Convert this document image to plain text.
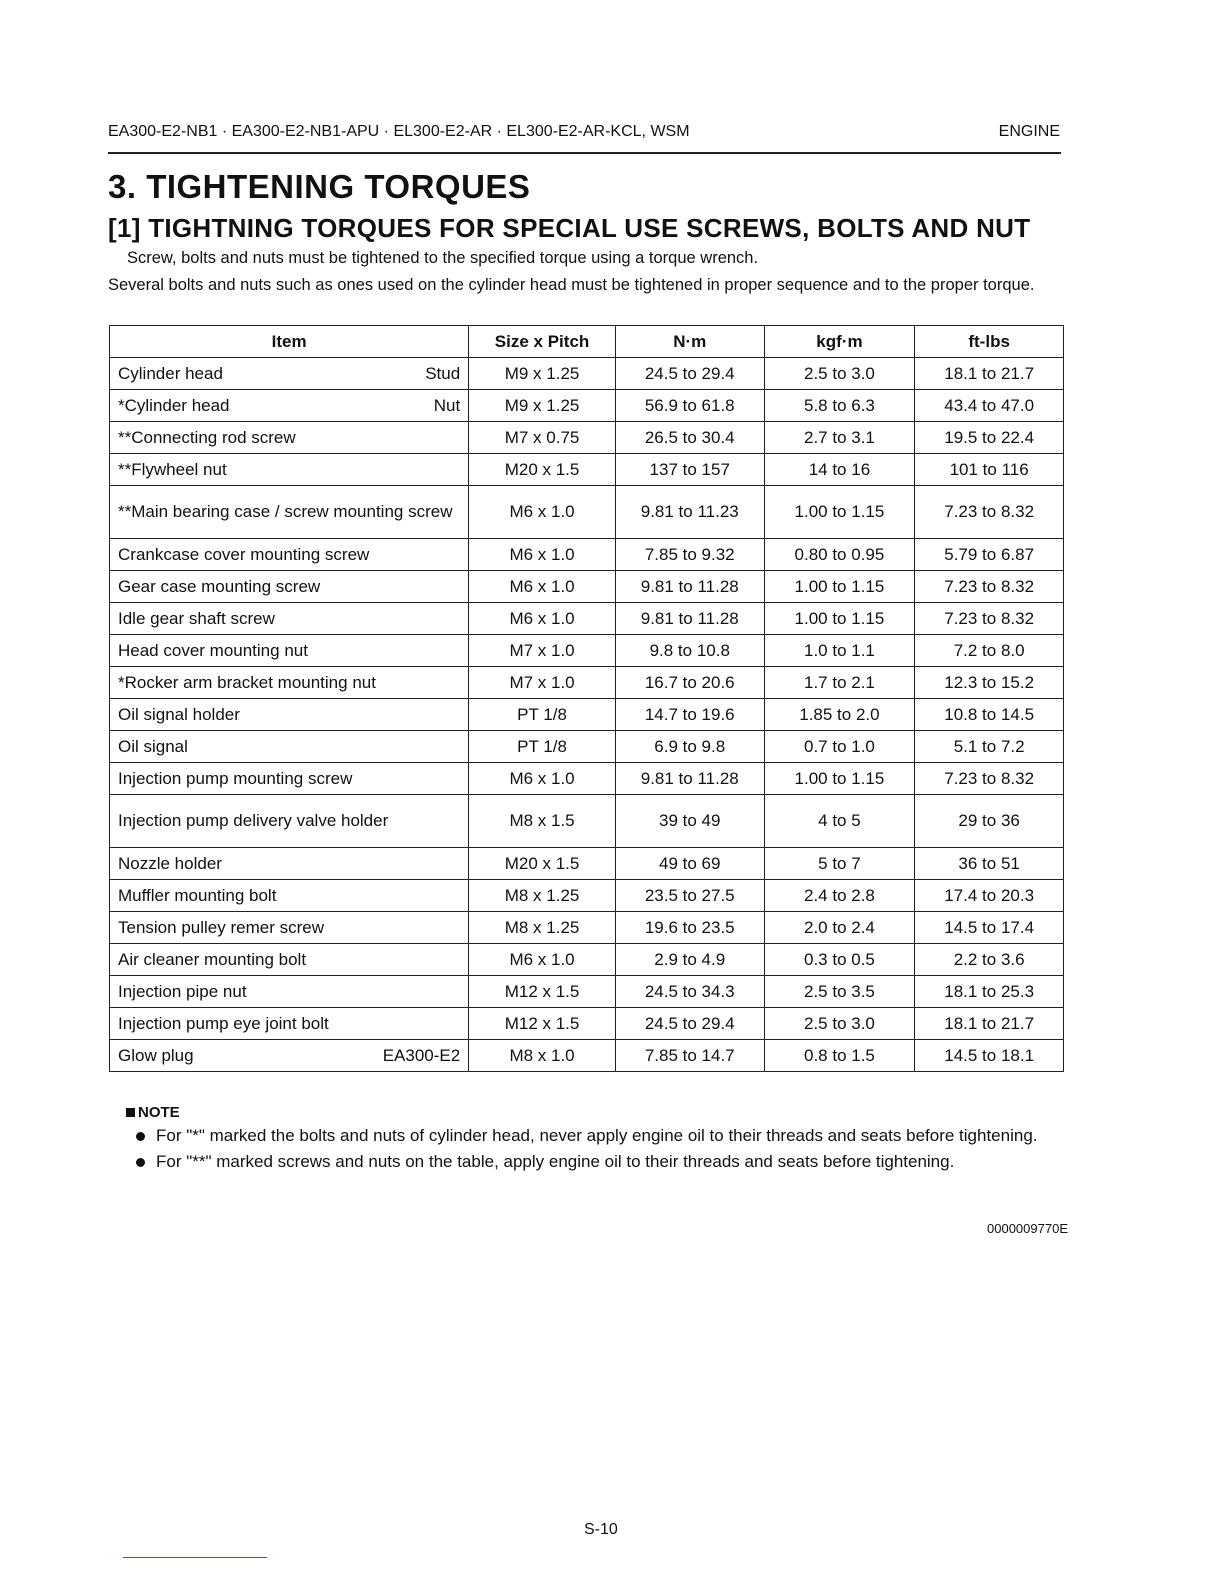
EA300-E2-NB1 · EA300-E2-NB1-APU · EL300-E2-AR · EL300-E2-AR-KCL, WSM	ENGINE
3. TIGHTENING TORQUES
[1] TIGHTNING TORQUES FOR SPECIAL USE SCREWS, BOLTS AND NUT
Screw, bolts and nuts must be tightened to the specified torque using a torque wrench.
Several bolts and nuts such as ones used on the cylinder head must be tightened in proper sequence and to the proper torque.
Item	Size x Pitch	N·m	kgf·m	ft-lbs

Cylinder head Stud	M9 x 1.25	24.5 to 29.4	2.5 to 3.0	18.1 to 21.7

*Cylinder head Nut	M9 x 1.25	56.9 to 61.8	5.8 to 6.3	43.4 to 47.0

**Connecting rod screw	M7 x 0.75	26.5 to 30.4	2.7 to 3.1	19.5 to 22.4

**Flywheel nut	M20 x 1.5	137 to 157	14 to 16	101 to 116

**Main bearing case / screw mounting screw	M6 x 1.0	9.81 to 11.23	1.00 to 1.15	7.23 to 8.32

Crankcase cover mounting screw	M6 x 1.0	7.85 to 9.32	0.80 to 0.95	5.79 to 6.87

Gear case mounting screw	M6 x 1.0	9.81 to 11.28	1.00 to 1.15	7.23 to 8.32

Idle gear shaft screw	M6 x 1.0	9.81 to 11.28	1.00 to 1.15	7.23 to 8.32

Head cover mounting nut	M7 x 1.0	9.8 to 10.8	1.0 to 1.1	7.2 to 8.0

*Rocker arm bracket mounting nut	M7 x 1.0	16.7 to 20.6	1.7 to 2.1	12.3 to 15.2

Oil signal holder	PT 1/8	14.7 to 19.6	1.85 to 2.0	10.8 to 14.5

Oil signal	PT 1/8	6.9 to 9.8	0.7 to 1.0	5.1 to 7.2

Injection pump mounting screw	M6 x 1.0	9.81 to 11.28	1.00 to 1.15	7.23 to 8.32

Injection pump delivery valve holder	M8 x 1.5	39 to 49	4 to 5	29 to 36

Nozzle holder	M20 x 1.5	49 to 69	5 to 7	36 to 51

Muffler mounting bolt	M8 x 1.25	23.5 to 27.5	2.4 to 2.8	17.4 to 20.3

Tension pulley remer screw	M8 x 1.25	19.6 to 23.5	2.0 to 2.4	14.5 to 17.4

Air cleaner mounting bolt	M6 x 1.0	2.9 to 4.9	0.3 to 0.5	2.2 to 3.6

Injection pipe nut	M12 x 1.5	24.5 to 34.3	2.5 to 3.5	18.1 to 25.3

Injection pump eye joint bolt	M12 x 1.5	24.5 to 29.4	2.5 to 3.0	18.1 to 21.7

Glow plug EA300-E2	M8 x 1.0	7.85 to 14.7	0.8 to 1.5	14.5 to 18.1
NOTE
For "*" marked the bolts and nuts of cylinder head, never apply engine oil to their threads and seats before tightening.
For "**" marked screws and nuts on the table, apply engine oil to their threads and seats before tightening.
0000009770E
S-10
